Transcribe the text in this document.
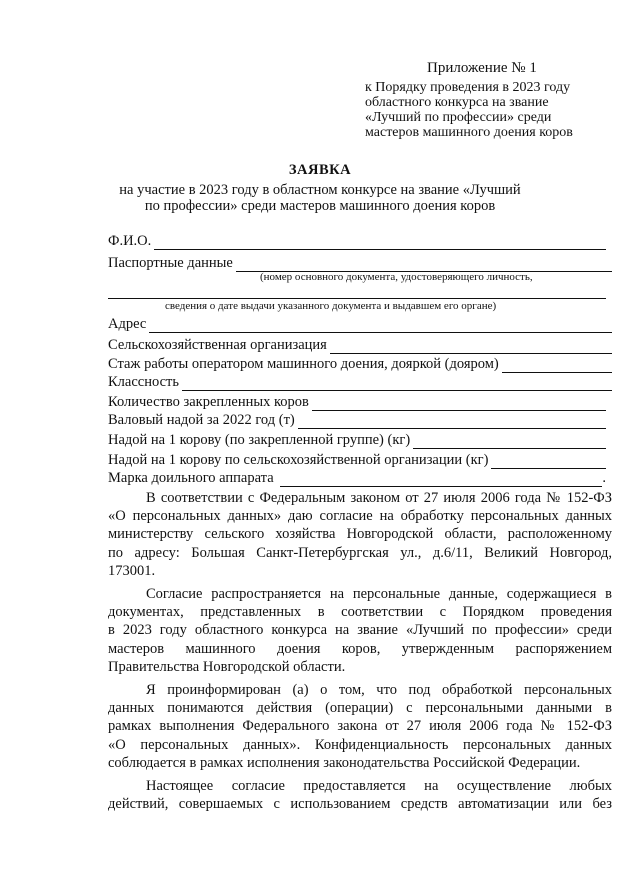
Приложение № 1
к Порядку проведения в 2023 году
областного конкурса на звание
«Лучший по профессии» среди
мастеров машинного доения коров
ЗАЯВКА
на участие в 2023 году в областном конкурсе на звание «Лучший
по профессии» среди мастеров машинного доения коров
Ф.И.О.
Паспортные данные
(номер основного документа, удостоверяющего личность,
сведения о дате выдачи указанного документа и выдавшем его органе)
Адрес
Сельскохозяйственная организация
Стаж работы оператором машинного доения, дояркой (дояром)
Классность
Количество закрепленных коров
Валовый надой за 2022 год (т)
Надой на 1 корову (по закрепленной группе) (кг)
Надой на 1 корову по сельскохозяйственной организации (кг)
Марка доильного аппарата	.
В соответствии с Федеральным законом от 27 июля 2006 года № 152-ФЗ
«О персональных данных» даю согласие на обработку персональных данных
министерству сельского хозяйства Новгородской области, расположенному
по адресу: Большая Санкт-Петербургская ул., д.6/11, Великий Новгород,
173001.
Согласие распространяется на персональные данные, содержащиеся в
документах, представленных в соответствии с Порядком проведения
в 2023 году областного конкурса на звание «Лучший по профессии» среди
мастеров машинного доения коров, утвержденным распоряжением
Правительства Новгородской области.
Я проинформирован (а) о том, что под обработкой персональных
данных понимаются действия (операции) с персональными данными в
рамках выполнения Федерального закона от 27 июля 2006 года № 152-ФЗ
«О персональных данных». Конфиденциальность персональных данных
соблюдается в рамках исполнения законодательства Российской Федерации.
Настоящее согласие предоставляется на осуществление любых
действий, совершаемых с использованием средств автоматизации или без
